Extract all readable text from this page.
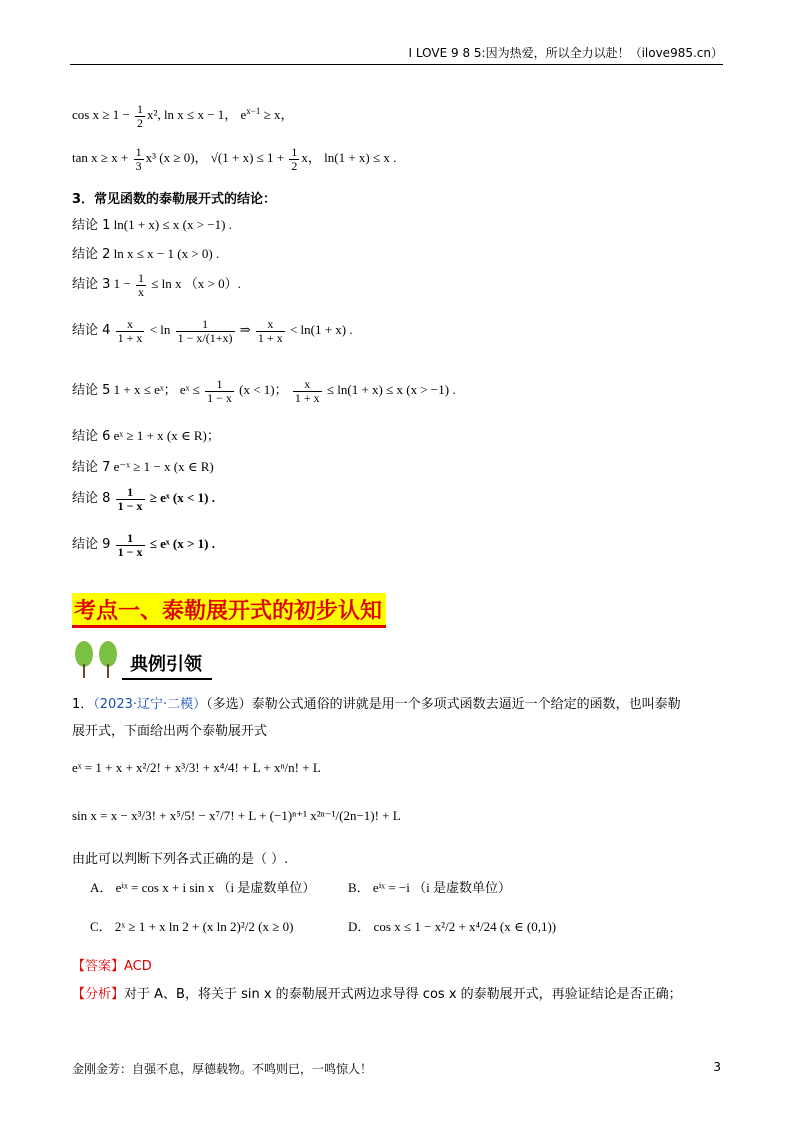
I LOVE 9 8 5:因为热爱，所以全力以赴！（ilove985.cn）
$\cos x \ge 1 - \frac{1}{2} x^2$, ln x ≤ x − 1， $e^{x-1} \ge x$，
$\tan x \ge x + \frac{1}{3} x^3$ (x ≥ 0)， $√(1 + x) \le 1 + \frac{1}{2}$ x， ln(1 + x) ≤ x .
3．常见函数的泰勒展开式的结论：
结论 1 ln(1 + x) ≤ x (x > −1) .
结论 2 ln x ≤ x − 1 (x > 0) .
结论 3 $1 - \frac{1}{x} \le \ln x$ （x > 0）.
结论 $4 \frac{x}{1 + x} < \ln \frac{1}{1 - x/(1+x)}$ ⇒ $\frac{x}{1 + x} < \ln(1 + x)$ .
结论 5 1 + x ≤ eˣ； eˣ ≤ $\frac{1}{1 - x} (x < 1)$； $\frac{x}{1 + x} \le \ln(1 + x) \le x$ (x > −1) .
结论 6 eˣ ≥ 1 + x (x ∈ R)；
结论 7 e⁻ˣ ≥ 1 − x (x ∈ R)
结论 $8 \frac{1}{1 - x}$ ≥ eˣ (x < 1) .
结论 $9 \frac{1}{1 - x}$ ≤ eˣ (x > 1) .
考点一、泰勒展开式的初步认知
典例引领
1．（2023·辽宁·二模）（多选）泰勒公式通俗的讲就是用一个多项式函数去逼近一个给定的函数，也叫泰勒
展开式，下面给出两个泰勒展开式
eˣ = 1 + x + x²/2! + x³/3! + x⁴/4! + L + xⁿ/n! + L
sin x = x − x³/3! + x⁵/5! − x⁷/7! + L + (−1)ⁿ⁺¹ x²ⁿ⁻¹/(2n−1)! + L
由此可以判断下列各式正确的是（ ）.
A． eⁱˣ = cos x + i sin x （i 是虚数单位）	B． eⁱˣ = −i （i 是虚数单位）
C． 2ˣ ≥ 1 + x ln 2 + (x ln 2)²/2 (x ≥ 0)	D． cos x ≤ 1 − x²/2 + x⁴/24 (x ∈ (0,1))
【答案】ACD
【分析】对于 A、B，将关于 sin x 的泰勒展开式两边求导得 cos x 的泰勒展开式，再验证结论是否正确；
金刚金芳：自强不息，厚德载物。不鸣则已，一鸣惊人！	3
